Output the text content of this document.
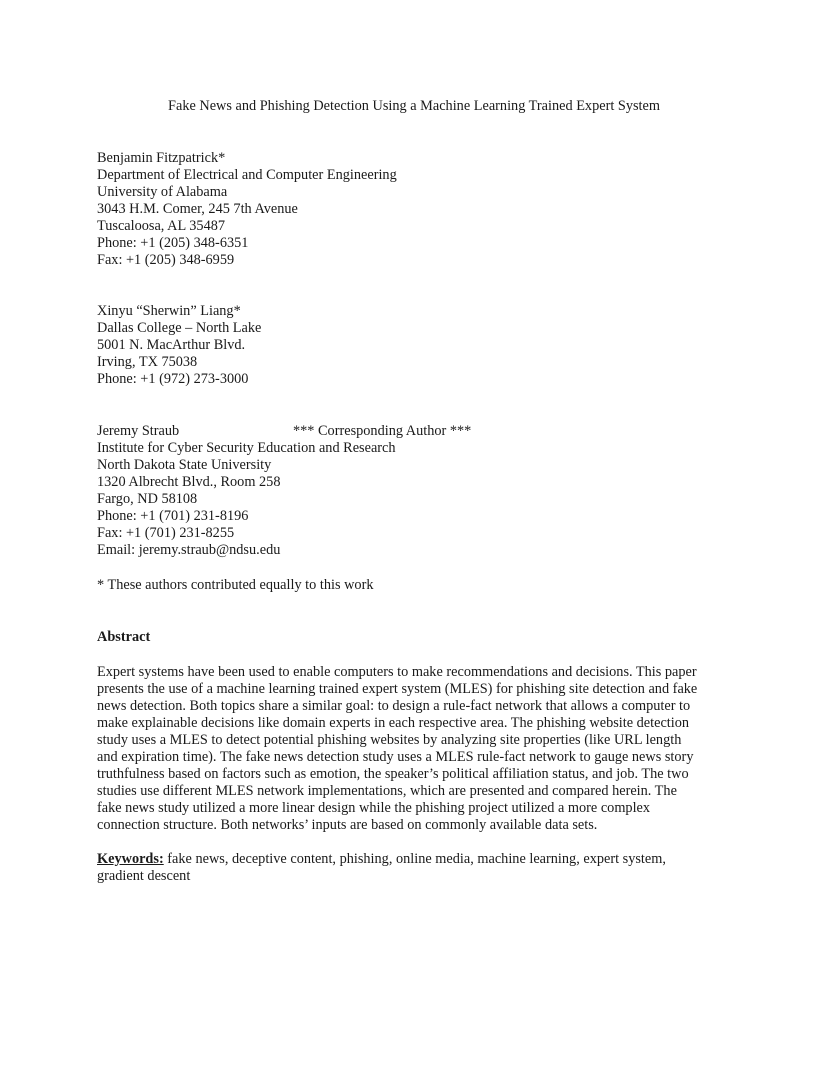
Fake News and Phishing Detection Using a Machine Learning Trained Expert System
Benjamin Fitzpatrick*
Department of Electrical and Computer Engineering
University of Alabama
3043 H.M. Comer, 245 7th Avenue
Tuscaloosa, AL 35487
Phone: +1 (205) 348-6351
Fax: +1 (205) 348-6959
Xinyu “Sherwin” Liang*
Dallas College – North Lake
5001 N. MacArthur Blvd.
Irving, TX 75038
Phone: +1 (972) 273-3000
*** Corresponding Author ***
Jeremy Straub
Institute for Cyber Security Education and Research
North Dakota State University
1320 Albrecht Blvd., Room 258
Fargo, ND 58108
Phone: +1 (701) 231-8196
Fax: +1 (701) 231-8255
Email: jeremy.straub@ndsu.edu
* These authors contributed equally to this work
Abstract
Expert systems have been used to enable computers to make recommendations and decisions. This paper
presents the use of a machine learning trained expert system (MLES) for phishing site detection and fake
news detection. Both topics share a similar goal: to design a rule-fact network that allows a computer to
make explainable decisions like domain experts in each respective area. The phishing website detection
study uses a MLES to detect potential phishing websites by analyzing site properties (like URL length
and expiration time). The fake news detection study uses a MLES rule-fact network to gauge news story
truthfulness based on factors such as emotion, the speaker’s political affiliation status, and job. The two
studies use different MLES network implementations, which are presented and compared herein. The
fake news study utilized a more linear design while the phishing project utilized a more complex
connection structure. Both networks’ inputs are based on commonly available data sets.
Keywords: fake news, deceptive content, phishing, online media, machine learning, expert system,
gradient descent
